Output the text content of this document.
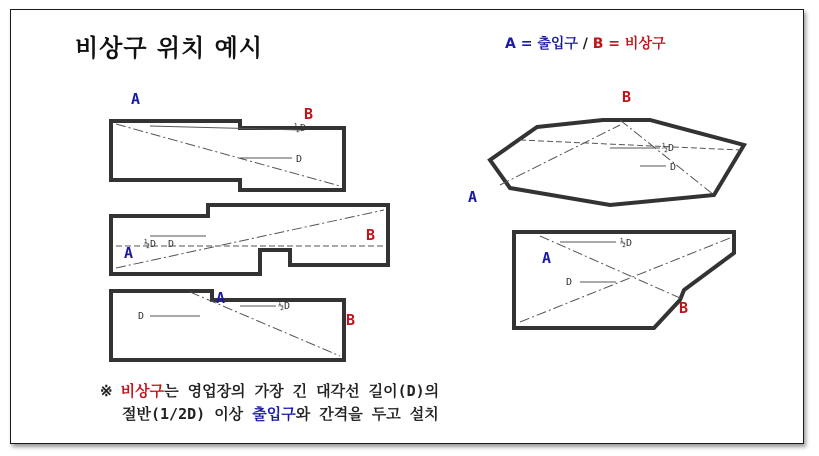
비상구 위치 예시	A = 출입구 / B = 비상구
½D
D
A
B
½D D
A
B
½D
D
A
B
½D
D
A
B
½D
D
A
B
※ 비상구는 영업장의 가장 긴 대각선 길이(D)의
절반(1/2D) 이상 출입구와 간격을 두고 설치
